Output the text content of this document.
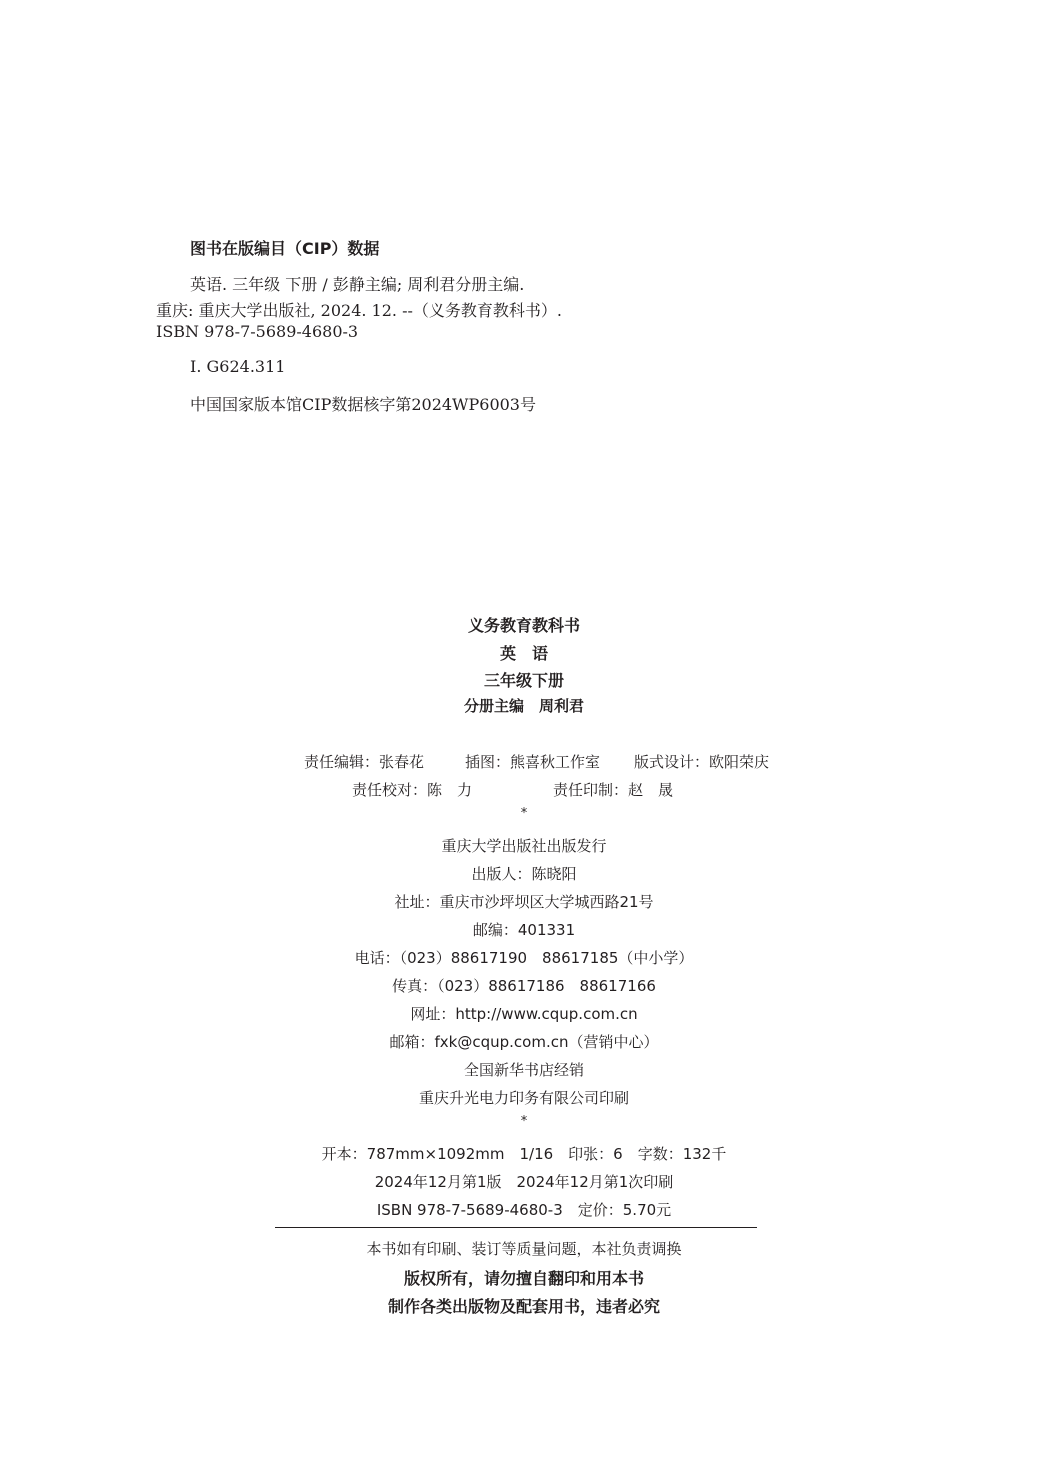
图书在版编目（CIP）数据
英语. 三年级 下册 / 彭静主编; 周利君分册主编.
重庆: 重庆大学出版社, 2024. 12. --（义务教育教科书）.
ISBN 978-7-5689-4680-3
I. G624.311
中国国家版本馆CIP数据核字第2024WP6003号
义务教育教科书
英　语
三年级下册
分册主编　周利君
责任编辑：张春花	插图：熊喜秋工作室 版式设计：欧阳荣庆
责任校对：陈　力	责任印制：赵　晟
*
重庆大学出版社出版发行
出版人：陈晓阳
社址：重庆市沙坪坝区大学城西路21号
邮编：401331
电话：（023）88617190　88617185（中小学）
传真：（023）88617186　88617166
网址：http://www.cqup.com.cn
邮箱：fxk@cqup.com.cn（营销中心）
全国新华书店经销
重庆升光电力印务有限公司印刷
*
开本：787mm×1092mm　1/16　印张：6　字数：132千
2024年12月第1版　2024年12月第1次印刷
ISBN 978-7-5689-4680-3　定价：5.70元
本书如有印刷、装订等质量问题，本社负责调换
版权所有，请勿擅自翻印和用本书
制作各类出版物及配套用书，违者必究
